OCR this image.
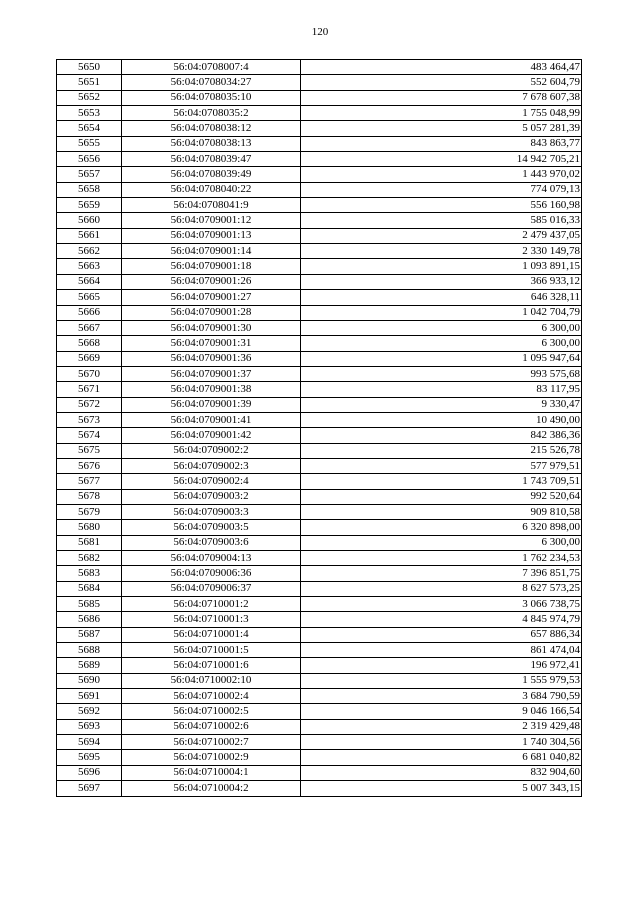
120
5650	56:04:0708007:4	483 464,47
5651	56:04:0708034:27	552 604,79
5652	56:04:0708035:10	7 678 607,38
5653	56:04:0708035:2	1 755 048,99
5654	56:04:0708038:12	5 057 281,39
5655	56:04:0708038:13	843 863,77
5656	56:04:0708039:47	14 942 705,21
5657	56:04:0708039:49	1 443 970,02
5658	56:04:0708040:22	774 079,13
5659	56:04:0708041:9	556 160,98
5660	56:04:0709001:12	585 016,33
5661	56:04:0709001:13	2 479 437,05
5662	56:04:0709001:14	2 330 149,78
5663	56:04:0709001:18	1 093 891,15
5664	56:04:0709001:26	366 933,12
5665	56:04:0709001:27	646 328,11
5666	56:04:0709001:28	1 042 704,79
5667	56:04:0709001:30	6 300,00
5668	56:04:0709001:31	6 300,00
5669	56:04:0709001:36	1 095 947,64
5670	56:04:0709001:37	993 575,68
5671	56:04:0709001:38	83 117,95
5672	56:04:0709001:39	9 330,47
5673	56:04:0709001:41	10 490,00
5674	56:04:0709001:42	842 386,36
5675	56:04:0709002:2	215 526,78
5676	56:04:0709002:3	577 979,51
5677	56:04:0709002:4	1 743 709,51
5678	56:04:0709003:2	992 520,64
5679	56:04:0709003:3	909 810,58
5680	56:04:0709003:5	6 320 898,00
5681	56:04:0709003:6	6 300,00
5682	56:04:0709004:13	1 762 234,53
5683	56:04:0709006:36	7 396 851,75
5684	56:04:0709006:37	8 627 573,25
5685	56:04:0710001:2	3 066 738,75
5686	56:04:0710001:3	4 845 974,79
5687	56:04:0710001:4	657 886,34
5688	56:04:0710001:5	861 474,04
5689	56:04:0710001:6	196 972,41
5690	56:04:0710002:10	1 555 979,53
5691	56:04:0710002:4	3 684 790,59
5692	56:04:0710002:5	9 046 166,54
5693	56:04:0710002:6	2 319 429,48
5694	56:04:0710002:7	1 740 304,56
5695	56:04:0710002:9	6 681 040,82
5696	56:04:0710004:1	832 904,60
5697	56:04:0710004:2	5 007 343,15
